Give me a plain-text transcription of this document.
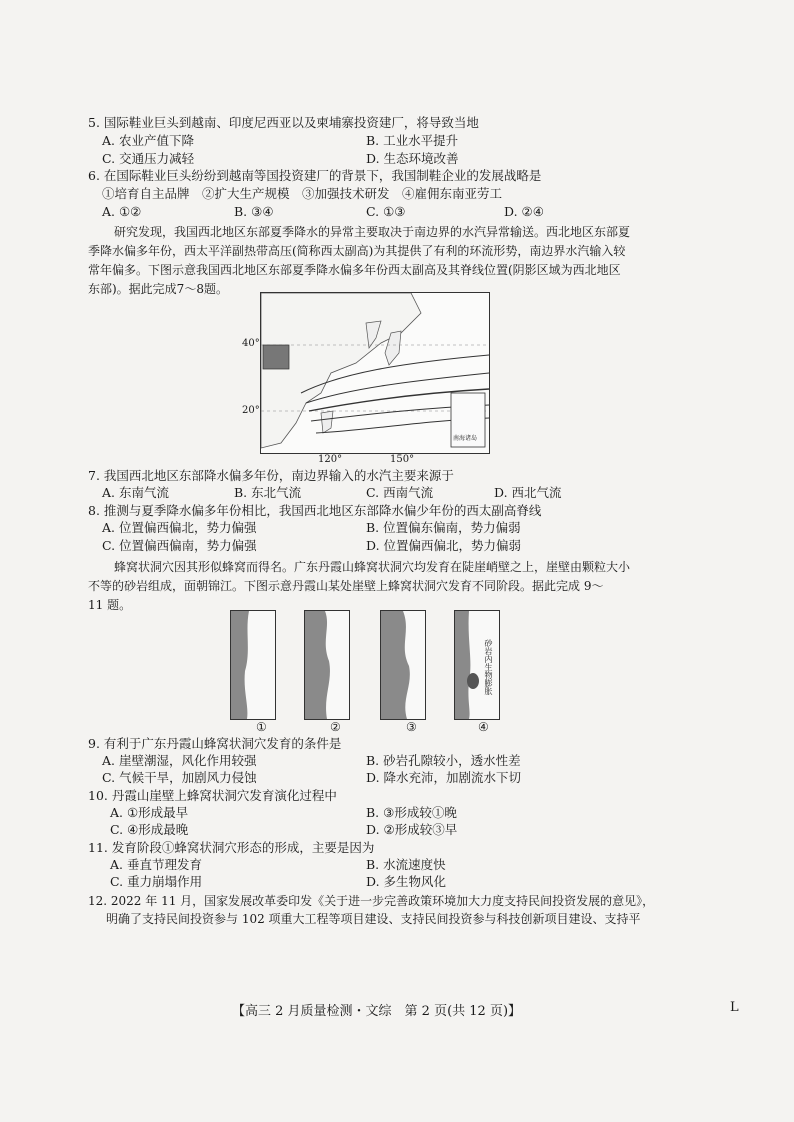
5. 国际鞋业巨头到越南、印度尼西亚以及柬埔寨投资建厂，将导致当地
A. 农业产值下降	B. 工业水平提升
C. 交通压力减轻	D. 生态环境改善
6. 在国际鞋业巨头纷纷到越南等国投资建厂的背景下，我国制鞋企业的发展战略是
①培育自主品牌　②扩大生产规模　③加强技术研发　④雇佣东南亚劳工
A. ①②	B. ③④	C. ①③	D. ②④
研究发现，我国西北地区东部夏季降水的异常主要取决于南边界的水汽异常输送。西北地区东部夏
季降水偏多年份，西太平洋副热带高压(简称西太副高)为其提供了有利的环流形势，南边界水汽输入较
常年偏多。下图示意我国西北地区东部夏季降水偏多年份西太副高及其脊线位置(阴影区域为西北地区
东部)。据此完成7～8题。
南海诸岛
40°
20°
120°	150°
7. 我国西北地区东部降水偏多年份，南边界输入的水汽主要来源于
A. 东南气流	B. 东北气流	C. 西南气流	D. 西北气流
8. 推测与夏季降水偏多年份相比，我国西北地区东部降水偏少年份的西太副高脊线
A. 位置偏西偏北，势力偏强	B. 位置偏东偏南，势力偏弱
C. 位置偏西偏南，势力偏强	D. 位置偏西偏北，势力偏弱
蜂窝状洞穴因其形似蜂窝而得名。广东丹霞山蜂窝状洞穴均发育在陡崖峭壁之上，崖壁由颗粒大小
不等的砂岩组成，面朝锦江。下图示意丹霞山某处崖壁上蜂窝状洞穴发育不同阶段。据此完成 9～
11 题。
砂岩内生物膨胀
①	②	③	④
9. 有利于广东丹霞山蜂窝状洞穴发育的条件是
A. 崖壁潮湿，风化作用较强	B. 砂岩孔隙较小，透水性差
C. 气候干旱，加剧风力侵蚀	D. 降水充沛，加剧流水下切
10. 丹霞山崖壁上蜂窝状洞穴发育演化过程中
A. ①形成最早	B. ③形成较①晚
C. ④形成最晚	D. ②形成较③早
11. 发育阶段①蜂窝状洞穴形态的形成，主要是因为
A. 垂直节理发育	B. 水流速度快
C. 重力崩塌作用	D. 多生物风化
12. 2022 年 11 月，国家发展改革委印发《关于进一步完善政策环境加大力度支持民间投资发展的意见》，
明确了支持民间投资参与 102 项重大工程等项目建设、支持民间投资参与科技创新项目建设、支持平
【高三 2 月质量检测・文综　第 2 页(共 12 页)】	L
